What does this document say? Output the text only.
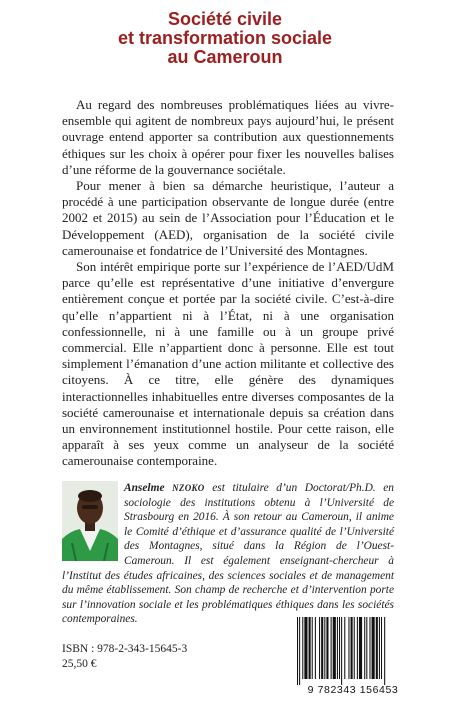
Société civile
et transformation sociale
au Cameroun

Au regard des nombreuses problématiques liées au vivre-ensemble qui agitent de nombreux pays aujourd’hui, le présent ouvrage entend apporter sa contribution aux questionnements éthiques sur les choix à opérer pour fixer les nouvelles balises d’une réforme de la gouvernance sociétale.

Pour mener à bien sa démarche heuristique, l’auteur a procédé à une participation observante de longue durée (entre 2002 et 2015) au sein de l’Association pour l’Éducation et le Développement (AED), organisation de la société civile camerounaise et fondatrice de l’Université des Montagnes.

Son intérêt empirique porte sur l’expérience de l’AED/UdM parce qu’elle est représentative d’une initiative d’envergure entièrement conçue et portée par la société civile. C’est-à-dire qu’elle n’appartient ni à l’État, ni à une organisation confessionnelle, ni à une famille ou à un groupe privé commercial. Elle n’appartient donc à personne. Elle est tout simplement l’émanation d’une action militante et collective des citoyens. À ce titre, elle génère des dynamiques interactionnelles inhabituelles entre diverses composantes de la société camerounaise et internationale depuis sa création dans un environnement institutionnel hostile. Pour cette raison, elle apparaît à ses yeux comme un analyseur de la société camerounaise contemporaine.

Anselme NZOKO est titulaire d’un Doctorat/Ph.D. en sociologie des institutions obtenu à l’Université de Strasbourg en 2016. À son retour au Cameroun, il anime le Comité d’éthique et d’assurance qualité de l’Université des Montagnes, situé dans la Région de l’Ouest-Cameroun. Il est également enseignant-chercheur à l’Institut des études africaines, des sciences sociales et de management du même établissement. Son champ de recherche et d’intervention porte sur l’innovation sociale et les problématiques éthiques dans les sociétés contemporaines.

ISBN : 978-2-343-15645-3
25,50 €
9 782343 156453
